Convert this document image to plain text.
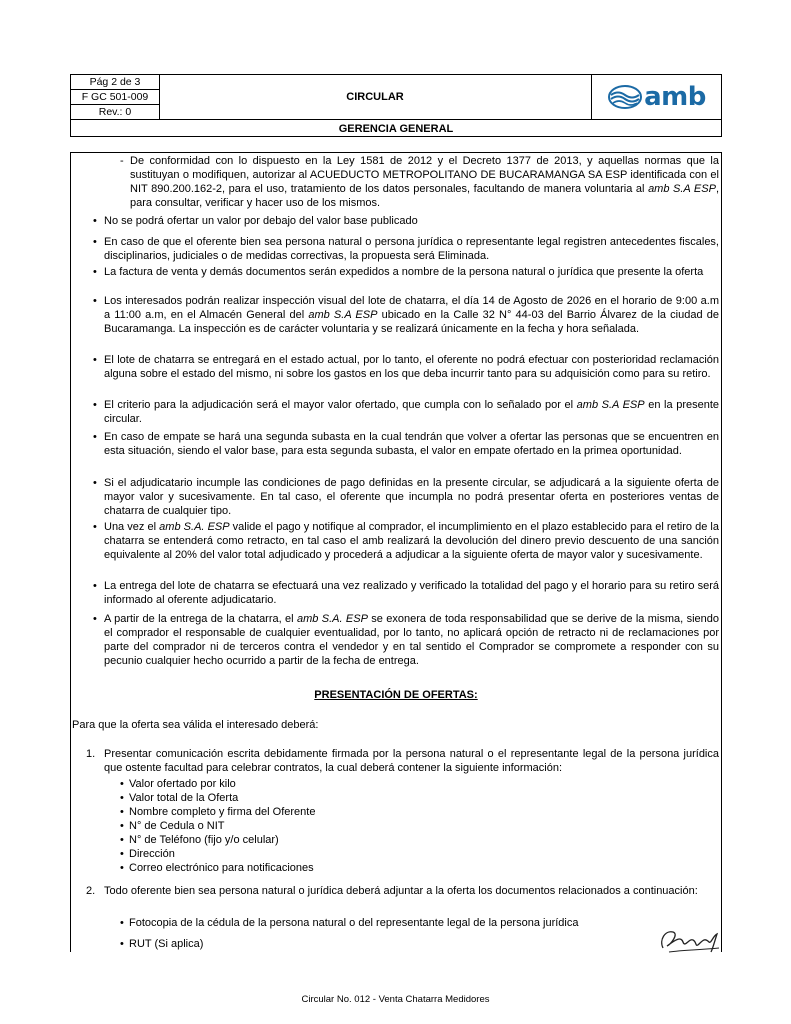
Pág 2 de 3
F GC 501-009
Rev.: 0
CIRCULAR	amb
GERENCIA GENERAL
- De conformidad con lo dispuesto en la Ley 1581 de 2012 y el Decreto 1377 de 2013, y aquellas normas que la sustituyan o modifiquen, autorizar al ACUEDUCTO METROPOLITANO DE BUCARAMANGA SA ESP identificada con el NIT 890.200.162-2, para el uso, tratamiento de los datos personales, facultando de manera voluntaria al amb S.A ESP, para consultar, verificar y hacer uso de los mismos.
• No se podrá ofertar un valor por debajo del valor base publicado
• En caso de que el oferente bien sea persona natural o persona jurídica o representante legal registren antecedentes fiscales, disciplinarios, judiciales o de medidas correctivas, la propuesta será Eliminada.
• La factura de venta y demás documentos serán expedidos a nombre de la persona natural o jurídica que presente la oferta
• Los interesados podrán realizar inspección visual del lote de chatarra, el día 14 de Agosto de 2026 en el horario de 9:00 a.m a 11:00 a.m, en el Almacén General del amb S.A ESP ubicado en la Calle 32 N° 44-03 del Barrio Álvarez de la ciudad de Bucaramanga. La inspección es de carácter voluntaria y se realizará únicamente en la fecha y hora señalada.
• El lote de chatarra se entregará en el estado actual, por lo tanto, el oferente no podrá efectuar con posterioridad reclamación alguna sobre el estado del mismo, ni sobre los gastos en los que deba incurrir tanto para su adquisición como para su retiro.
• El criterio para la adjudicación será el mayor valor ofertado, que cumpla con lo señalado por el amb S.A ESP en la presente circular.
• En caso de empate se hará una segunda subasta en la cual tendrán que volver a ofertar las personas que se encuentren en esta situación, siendo el valor base, para esta segunda subasta, el valor en empate ofertado en la primea oportunidad.
• Si el adjudicatario incumple las condiciones de pago definidas en la presente circular, se adjudicará a la siguiente oferta de mayor valor y sucesivamente. En tal caso, el oferente que incumpla no podrá presentar oferta en posteriores ventas de chatarra de cualquier tipo.
• Una vez el amb S.A. ESP valide el pago y notifique al comprador, el incumplimiento en el plazo establecido para el retiro de la chatarra se entenderá como retracto, en tal caso el amb realizará la devolución del dinero previo descuento de una sanción equivalente al 20% del valor total adjudicado y procederá a adjudicar a la siguiente oferta de mayor valor y sucesivamente.
• La entrega del lote de chatarra se efectuará una vez realizado y verificado la totalidad del pago y el horario para su retiro será informado al oferente adjudicatario.
• A partir de la entrega de la chatarra, el amb S.A. ESP se exonera de toda responsabilidad que se derive de la misma, siendo el comprador el responsable de cualquier eventualidad, por lo tanto, no aplicará opción de retracto ni de reclamaciones por parte del comprador ni de terceros contra el vendedor y en tal sentido el Comprador se compromete a responder con su pecunio cualquier hecho ocurrido a partir de la fecha de entrega.
PRESENTACIÓN DE OFERTAS:
Para que la oferta sea válida el interesado deberá:
1. Presentar comunicación escrita debidamente firmada por la persona natural o el representante legal de la persona jurídica que ostente facultad para celebrar contratos, la cual deberá contener la siguiente información:
• Valor ofertado por kilo
• Valor total de la Oferta
• Nombre completo y firma del Oferente
• N° de Cedula o NIT
• N° de Teléfono (fijo y/o celular)
• Dirección
• Correo electrónico para notificaciones
2. Todo oferente bien sea persona natural o jurídica deberá adjuntar a la oferta los documentos relacionados a continuación:
• Fotocopia de la cédula de la persona natural o del representante legal de la persona jurídica
• RUT (Si aplica)
Circular No. 012 - Venta Chatarra Medidores
